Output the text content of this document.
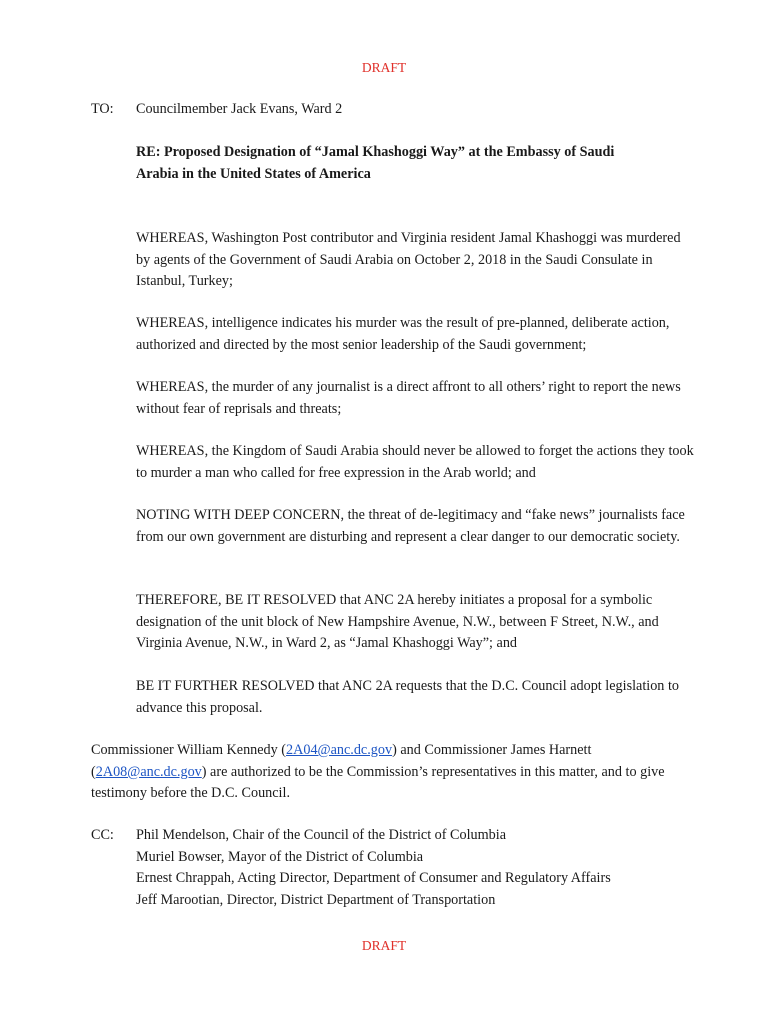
DRAFT
TO: Councilmember Jack Evans, Ward 2
RE: Proposed Designation of “Jamal Khashoggi Way” at the Embassy of Saudi Arabia in the United States of America
WHEREAS, Washington Post contributor and Virginia resident Jamal Khashoggi was murdered by agents of the Government of Saudi Arabia on October 2, 2018 in the Saudi Consulate in Istanbul, Turkey;
WHEREAS, intelligence indicates his murder was the result of pre-planned, deliberate action, authorized and directed by the most senior leadership of the Saudi government;
WHEREAS, the murder of any journalist is a direct affront to all others’ right to report the news without fear of reprisals and threats;
WHEREAS, the Kingdom of Saudi Arabia should never be allowed to forget the actions they took to murder a man who called for free expression in the Arab world; and
NOTING WITH DEEP CONCERN, the threat of de-legitimacy and “fake news” journalists face from our own government are disturbing and represent a clear danger to our democratic society.
THEREFORE, BE IT RESOLVED that ANC 2A hereby initiates a proposal for a symbolic designation of the unit block of New Hampshire Avenue, N.W., between F Street, N.W., and Virginia Avenue, N.W., in Ward 2, as “Jamal Khashoggi Way”; and
BE IT FURTHER RESOLVED that ANC 2A requests that the D.C. Council adopt legislation to advance this proposal.
Commissioner William Kennedy (2A04@anc.dc.gov) and Commissioner James Harnett (2A08@anc.dc.gov) are authorized to be the Commission’s representatives in this matter, and to give testimony before the D.C. Council.
CC: Phil Mendelson, Chair of the Council of the District of Columbia
Muriel Bowser, Mayor of the District of Columbia
Ernest Chrappah, Acting Director, Department of Consumer and Regulatory Affairs
Jeff Marootian, Director, District Department of Transportation
DRAFT
